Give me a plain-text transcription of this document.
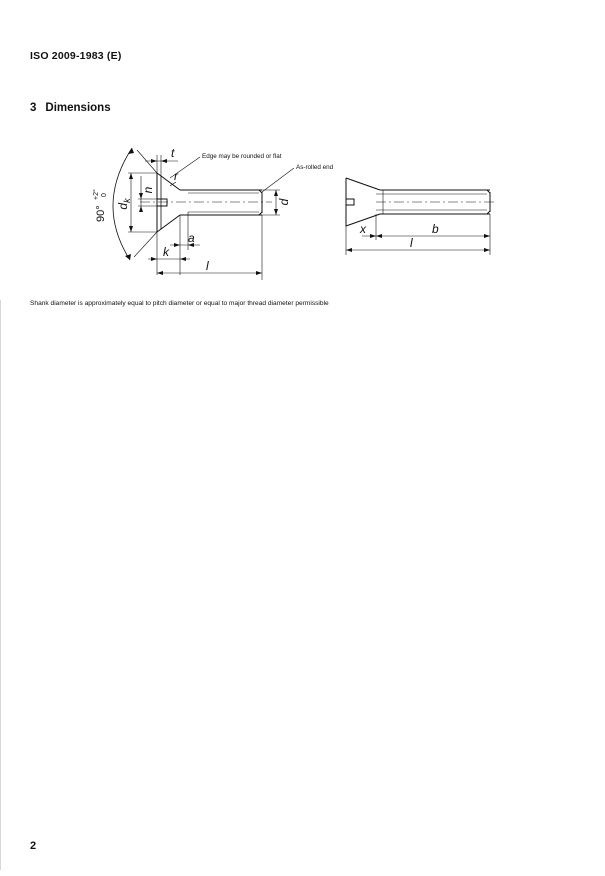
ISO 2009-1983 (E)
3 Dimensions
Edge may be rounded or flat
As-rolled end
t
r
n
$d_k$	d
a
k
l
90°
+2° 0
x	b
l
Shank diameter is approximately equal to pitch diameter or equal to major thread diameter permissible
2
